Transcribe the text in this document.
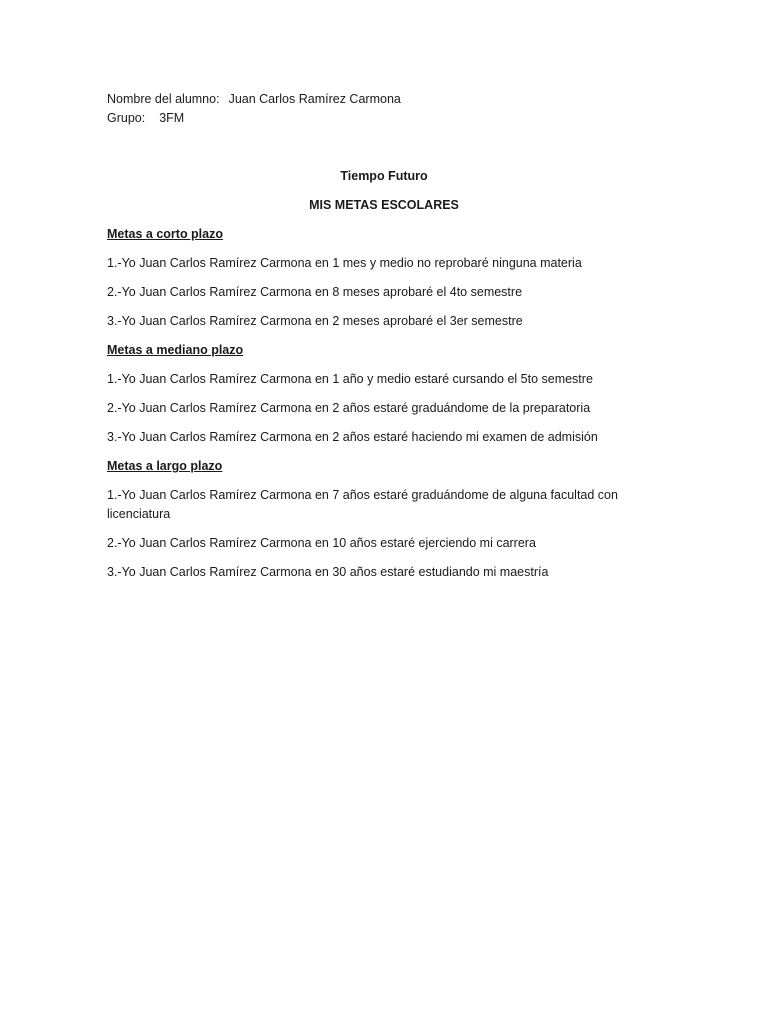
Nombre del alumno: Juan Carlos Ramírez Carmona
Grupo: 3FM
Tiempo Futuro
MIS METAS ESCOLARES
Metas a corto plazo
1.-Yo Juan Carlos Ramírez Carmona en 1 mes y medio no reprobaré ninguna materia
2.-Yo Juan Carlos Ramírez Carmona en 8 meses aprobaré el 4to semestre
3.-Yo Juan Carlos Ramírez Carmona en 2 meses aprobaré el 3er semestre
Metas a mediano plazo
1.-Yo Juan Carlos Ramírez Carmona en 1 año y medio estaré cursando el 5to semestre
2.-Yo Juan Carlos Ramírez Carmona en 2 años estaré graduándome de la preparatoria
3.-Yo Juan Carlos Ramírez Carmona en 2 años estaré haciendo mi examen de admisión
Metas a largo plazo
1.-Yo Juan Carlos Ramírez Carmona en 7 años estaré graduándome de alguna facultad con licenciatura
2.-Yo Juan Carlos Ramírez Carmona en 10 años estaré ejerciendo mi carrera
3.-Yo Juan Carlos Ramírez Carmona en 30 años estaré estudiando mi maestría
